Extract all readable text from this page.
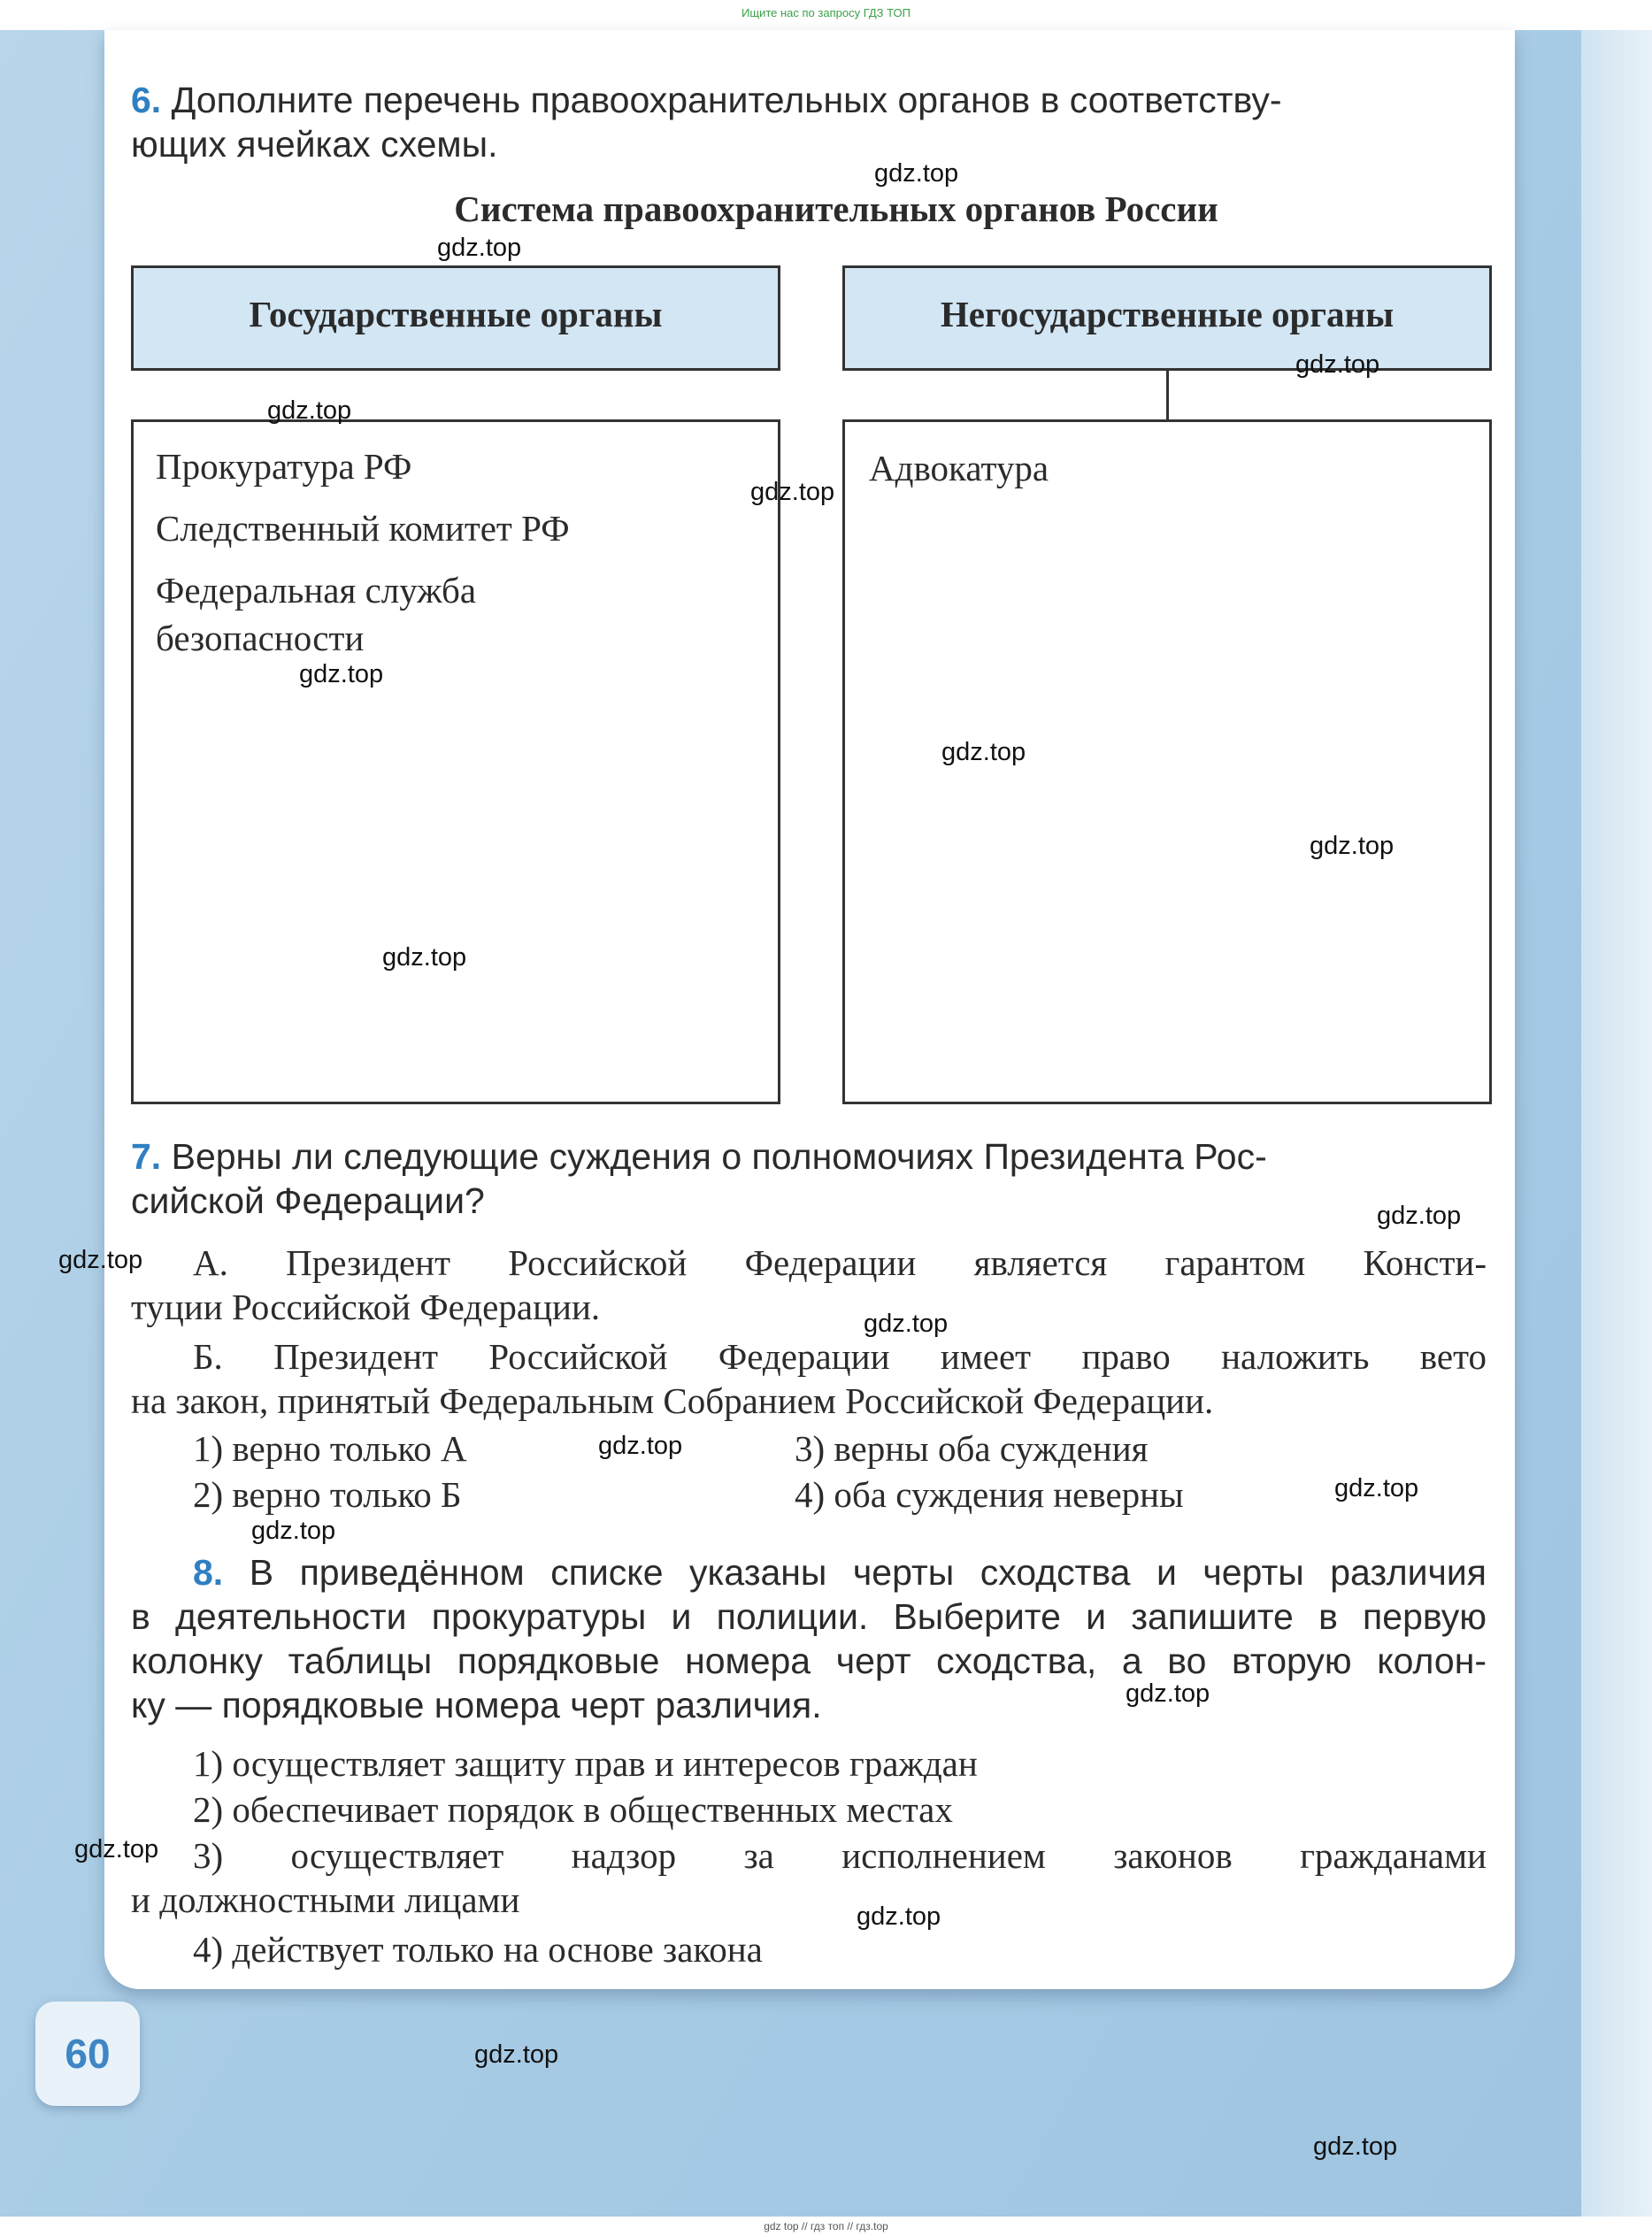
Ищите нас по запросу ГДЗ ТОП
6. Дополните перечень правоохранительных органов в соответству-
ющих ячейках схемы.
Система правоохранительных органов России
Государственные органы	Негосударственные органы
Прокуратура РФ
Следственный комитет РФ
Федеральная служба
безопасности
Адвокатура
7. Верны ли следующие суждения о полномочиях Президента Рос-
сийской Федерации?
А. Президент Российской Федерации является гарантом Консти-
туции Российской Федерации.
Б. Президент Российской Федерации имеет право наложить вето
на закон, принятый Федеральным Собранием Российской Федерации.
1) верно только А
2) верно только Б
3) верны оба суждения
4) оба суждения неверны
8. В приведённом списке указаны черты сходства и черты различия
в деятельности прокуратуры и полиции. Выберите и запишите в первую
колонку таблицы порядковые номера черт сходства, а во вторую колон-
ку — порядковые номера черт различия.
1) осуществляет защиту прав и интересов граждан
2) обеспечивает порядок в общественных местах
3) осуществляет надзор за исполнением законов гражданами
и должностными лицами
4) действует только на основе закона
60
gdz.top
gdz.top
gdz.top
gdz.top
gdz.top
gdz.top
gdz.top
gdz.top
gdz.top
gdz.top
gdz.top
gdz.top
gdz.top
gdz.top
gdz.top
gdz.top
gdz.top
gdz.top
gdz.top
gdz.top
gdz top // гдз топ // гдз.top
